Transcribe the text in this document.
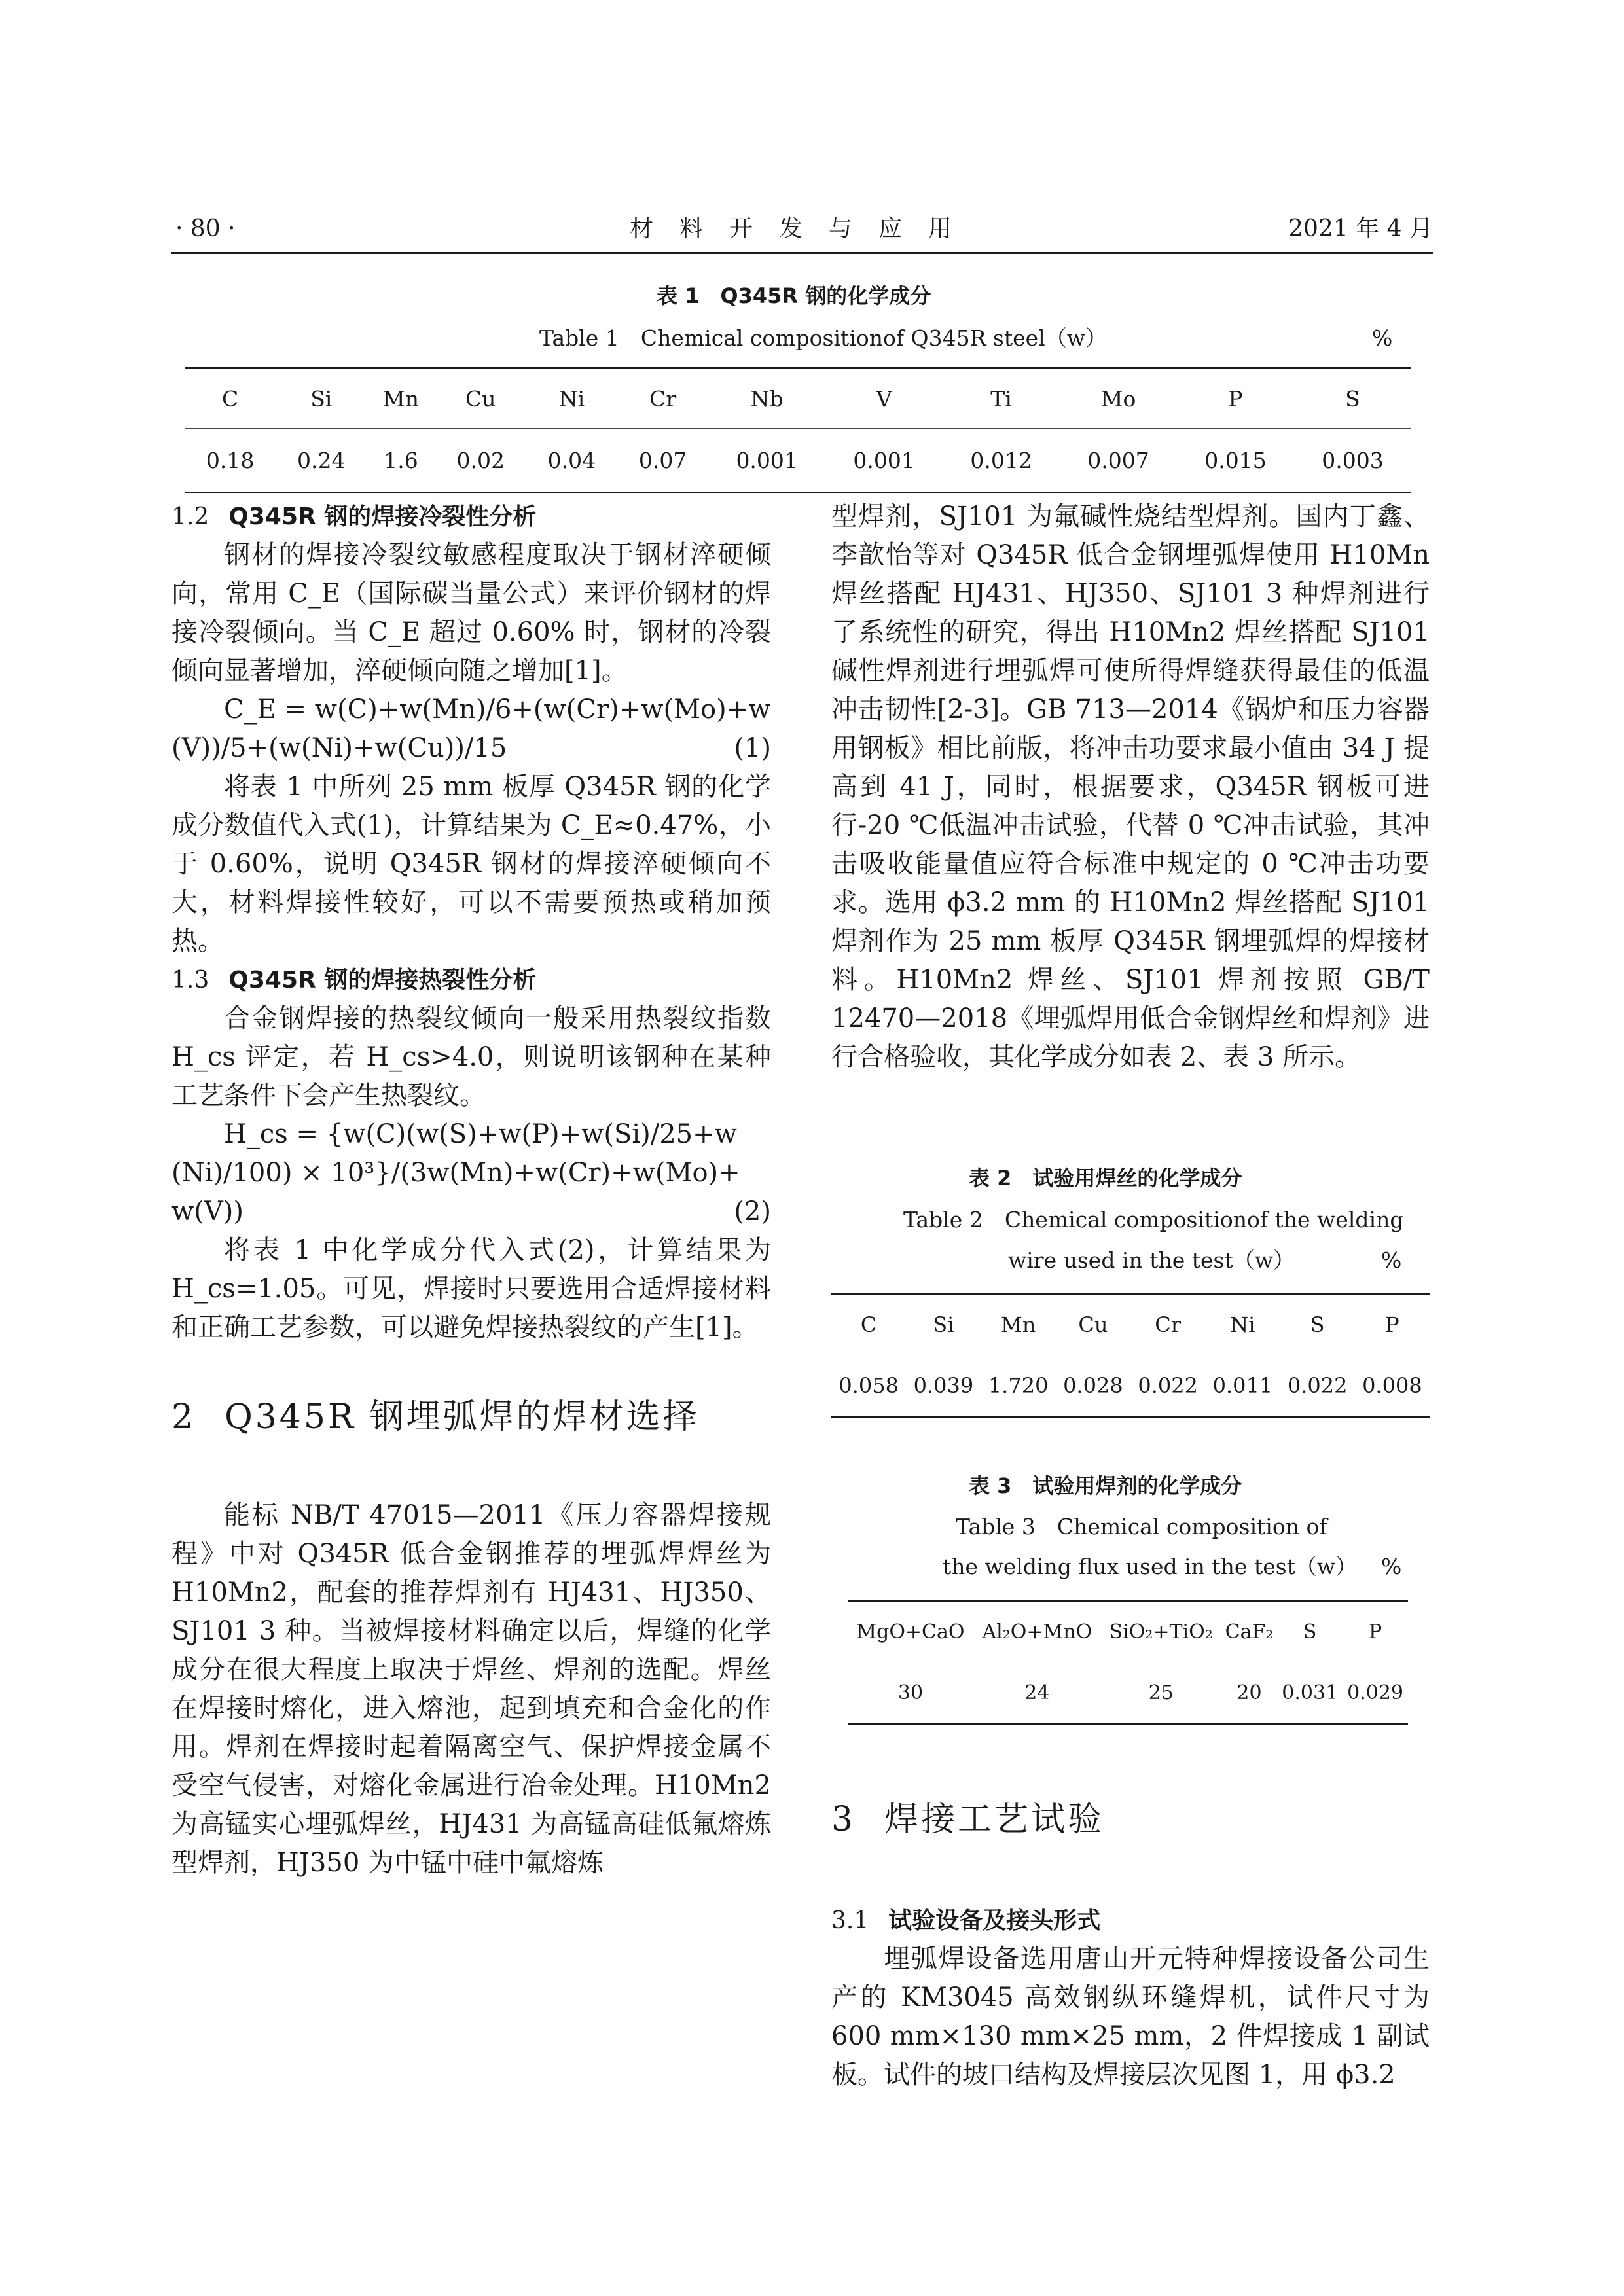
· 80 ·	材　料　开　发　与　应　用	2021 年 4 月
表 1　Q345R 钢的化学成分
Table 1　Chemical compositionof Q345R steel（w）	%
C	Si	Mn	Cu	Ni	Cr	Nb	V	Ti	Mo	P	S
0.18	0.24	1.6	0.02	0.04	0.07	0.001	0.001	0.012	0.007	0.015	0.003
1.2 Q345R 钢的焊接冷裂性分析

钢材的焊接冷裂纹敏感程度取决于钢材淬硬倾向，常用 C_E（国际碳当量公式）来评价钢材的焊接冷裂倾向。当 C_E 超过 0.60% 时，钢材的冷裂倾向显著增加，淬硬倾向随之增加[1]。

C_E = w(C)+w(Mn)/6+(w(Cr)+w(Mo)+w
(V))/5+(w(Ni)+w(Cu))/15	(1)

将表 1 中所列 25 mm 板厚 Q345R 钢的化学成分数值代入式(1)，计算结果为 C_E≈0.47%，小于 0.60%，说明 Q345R 钢材的焊接淬硬倾向不大，材料焊接性较好，可以不需要预热或稍加预热。

1.3 Q345R 钢的焊接热裂性分析

合金钢焊接的热裂纹倾向一般采用热裂纹指数 H_cs 评定，若 H_cs>4.0，则说明该钢种在某种工艺条件下会产生热裂纹。

H_cs = {w(C)(w(S)+w(P)+w(Si)/25+w
(Ni)/100) × 10³}/(3w(Mn)+w(Cr)+w(Mo)+
w(V))	(2)

将表 1 中化学成分代入式(2)，计算结果为 H_cs=1.05。可见，焊接时只要选用合适焊接材料和正确工艺参数，可以避免焊接热裂纹的产生[1]。

2 Q345R 钢埋弧焊的焊材选择

能标 NB/T 47015—2011《压力容器焊接规程》中对 Q345R 低合金钢推荐的埋弧焊焊丝为 H10Mn2，配套的推荐焊剂有 HJ431、HJ350、SJ101 3 种。当被焊接材料确定以后，焊缝的化学成分在很大程度上取决于焊丝、焊剂的选配。焊丝在焊接时熔化，进入熔池，起到填充和合金化的作用。焊剂在焊接时起着隔离空气、保护焊接金属不受空气侵害，对熔化金属进行冶金处理。H10Mn2 为高锰实心埋弧焊丝，HJ431 为高锰高硅低氟熔炼型焊剂，HJ350 为中锰中硅中氟熔炼

型焊剂，SJ101 为氟碱性烧结型焊剂。国内丁鑫、李歆怡等对 Q345R 低合金钢埋弧焊使用 H10Mn 焊丝搭配 HJ431、HJ350、SJ101 3 种焊剂进行了系统性的研究，得出 H10Mn2 焊丝搭配 SJ101 碱性焊剂进行埋弧焊可使所得焊缝获得最佳的低温冲击韧性[2-3]。GB 713—2014《锅炉和压力容器用钢板》相比前版，将冲击功要求最小值由 34 J 提高到 41 J，同时，根据要求，Q345R 钢板可进行-20 ℃低温冲击试验，代替 0 ℃冲击试验，其冲击吸收能量值应符合标准中规定的 0 ℃冲击功要求。选用 ϕ3.2 mm 的 H10Mn2 焊丝搭配 SJ101 焊剂作为 25 mm 板厚 Q345R 钢埋弧焊的焊接材料。H10Mn2 焊丝、SJ101 焊剂按照 GB/T 12470—2018《埋弧焊用低合金钢焊丝和焊剂》进行合格验收，其化学成分如表 2、表 3 所示。

表 2　试验用焊丝的化学成分
Table 2　Chemical compositionof the welding
wire used in the test（w）	%
C	Si	Mn	Cu	Cr	Ni	S	P
0.058	0.039	1.720	0.028	0.022	0.011	0.022	0.008
表 3　试验用焊剂的化学成分
Table 3　Chemical composition of
the welding flux used in the test（w） %
MgO+CaO	Al₂O+MnO	SiO₂+TiO₂	CaF₂	S	P
30	24	25	20	0.031	0.029
3 焊接工艺试验
3.1 试验设备及接头形式

埋弧焊设备选用唐山开元特种焊接设备公司生产的 KM3045 高效钢纵环缝焊机，试件尺寸为 600 mm×130 mm×25 mm，2 件焊接成 1 副试板。试件的坡口结构及焊接层次见图 1，用 ϕ3.2
